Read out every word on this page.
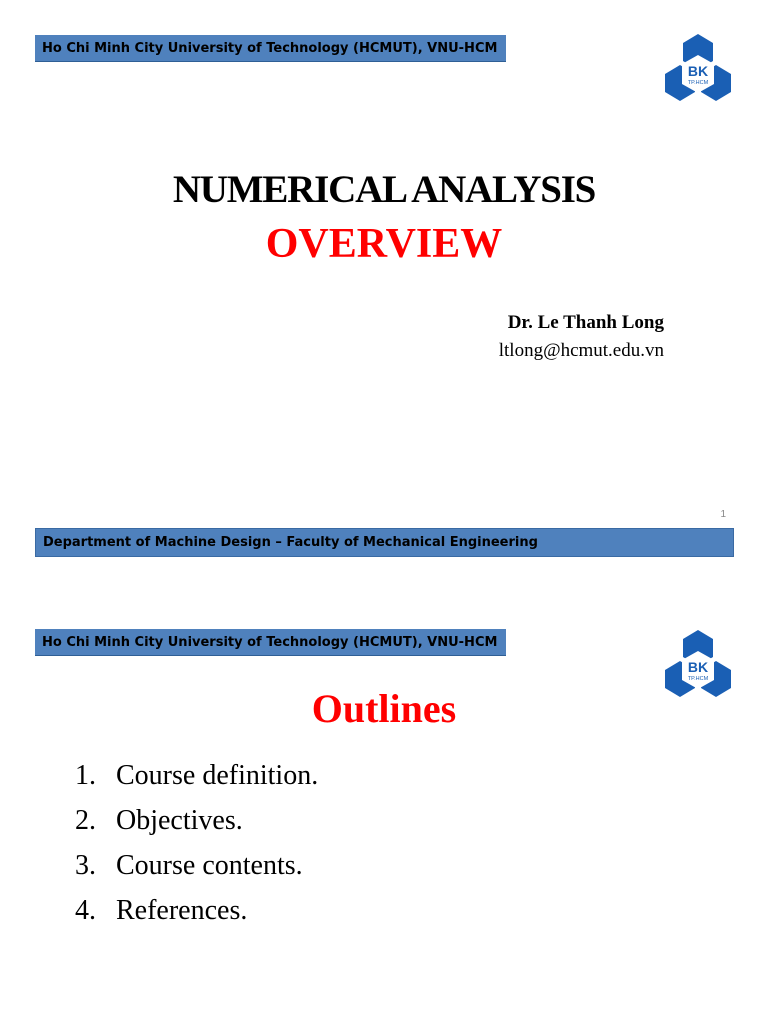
Ho Chi Minh City University of Technology (HCMUT), VNU-HCM
BK
TP.HCM
NUMERICAL ANALYSIS
OVERVIEW
Dr. Le Thanh Long
ltlong@hcmut.edu.vn
1
Department of Machine Design – Faculty of Mechanical Engineering
Ho Chi Minh City University of Technology (HCMUT), VNU-HCM
BK
TP.HCM
Outlines
1. Course definition.
2. Objectives.
3. Course contents.
4. References.
